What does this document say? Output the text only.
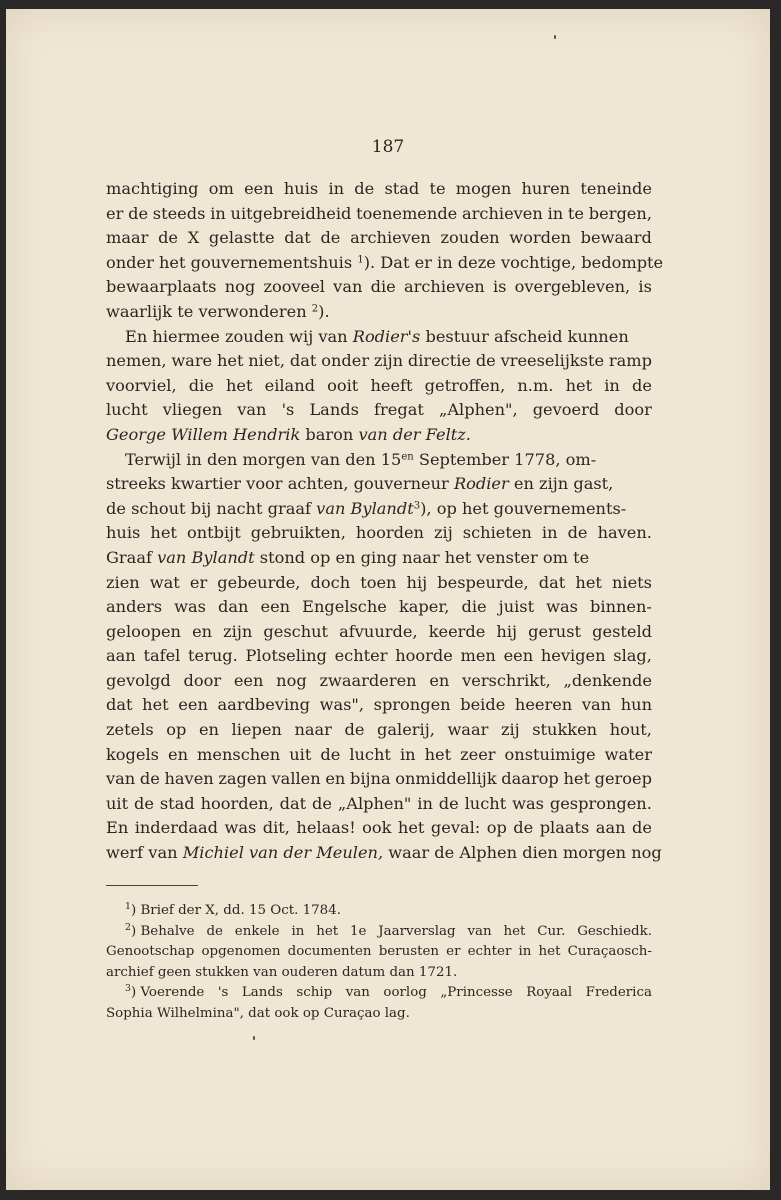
187
machtiging om een huis in de stad te mogen huren teneinde
er de steeds in uitgebreidheid toenemende archieven in te bergen,
maar de X gelastte dat de archieven zouden worden bewaard
onder het gouvernementshuis $^1$). Dat er in deze vochtige, bedompte
bewaarplaats nog zooveel van die archieven is overgebleven, is
waarlijk te verwonderen $^2$).
En hiermee zouden wij van Rodier's bestuur afscheid kunnen
nemen, ware het niet, dat onder zijn directie de vreeselijkste ramp
voorviel, die het eiland ooit heeft getroffen, n.m. het in de
lucht vliegen van 's Lands fregat „Alphen", gevoerd door
George Willem Hendrik baron van der Feltz.
Terwijl in den morgen van den $15^{en}$ September 1778, om-
streeks kwartier voor achten, gouverneur Rodier en zijn gast,
de schout bij nacht graaf van Bylandt$^3$), op het gouvernements-
huis het ontbijt gebruikten, hoorden zij schieten in de haven.
Graaf van Bylandt stond op en ging naar het venster om te
zien wat er gebeurde, doch toen hij bespeurde, dat het niets
anders was dan een Engelsche kaper, die juist was binnen-
geloopen en zijn geschut afvuurde, keerde hij gerust gesteld
aan tafel terug. Plotseling echter hoorde men een hevigen slag,
gevolgd door een nog zwaarderen en verschrikt, „denkende
dat het een aardbeving was", sprongen beide heeren van hun
zetels op en liepen naar de galerij, waar zij stukken hout,
kogels en menschen uit de lucht in het zeer onstuimige water
van de haven zagen vallen en bijna onmiddellijk daarop het geroep
uit de stad hoorden, dat de „Alphen" in de lucht was gesprongen.
En inderdaad was dit, helaas! ook het geval: op de plaats aan de
werf van Michiel van der Meulen, waar de Alphen dien morgen nog
$^1$) Brief der X, dd. 15 Oct. 1784.
$^2$ ) Behalve de enkele in het 1e Jaarverslag van het Cur. Geschiedk.
Genootschap opgenomen documenten berusten er echter in het Curaçaosch-
archief geen stukken van ouderen datum dan 1721.
$^3$ ) Voerende 's Lands schip van oorlog „Princesse Royaal Frederica
Sophia Wilhelmina", dat ook op Curaçao lag.
